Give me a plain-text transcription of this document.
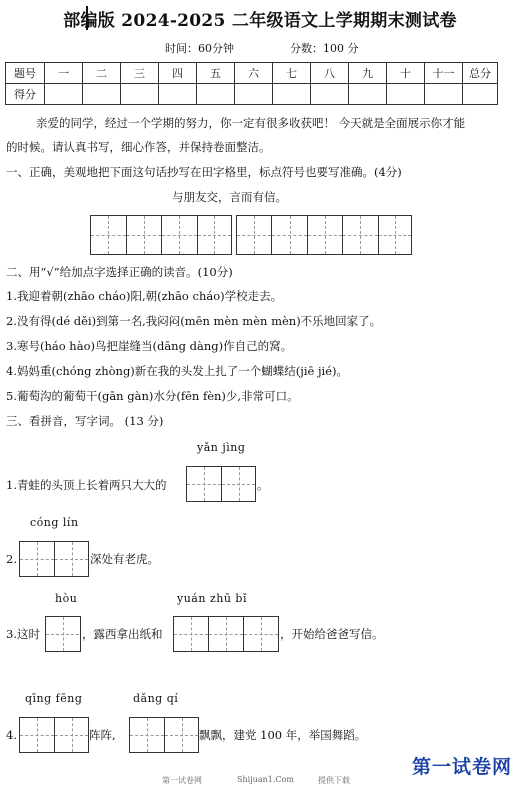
部编版 2024-2025 二年级语文上学期期末测试卷
时间：60分钟	分数：100 分
题号	一	二	三	四	五	六	七	八	九	十	十一	总分
得分												
亲爱的同学，经过一个学期的努力，你一定有很多收获吧！ 今天就是全面展示你才能
的时候。请认真书写，细心作答，并保持卷面整洁。
一、正确，美观地把下面这句话抄写在田字格里，标点符号也要写准确。(4分)
与朋友交，言而有信。
二、用“√”给加点字选择正确的读音。(10分)
1.我迎着朝(zhāo cháo)阳,朝(zhāo cháo)学校走去。
2.没有得(dé děi)到第一名,我闷闷(mēn mèn mèn mèn)不乐地回家了。
3.寒号(háo hào)鸟把崖缝当(dāng dàng)作自己的窝。
4.妈妈重(chóng zhòng)新在我的头发上扎了一个蝴蝶结(jiē jié)。
5.葡萄沟的葡萄干(gān gàn)水分(fēn fèn)少,非常可口。
三、看拼音，写字词。 (13 分)
yǎn jìng
1.青蛙的头顶上长着两只大大的	。
cóng lín
2.	深处有老虎。
hòu	yuán zhū bǐ
3.这时	，露西拿出纸和	，开始给爸爸写信。
qīng fēng	dǎng qí
4.	阵阵,	飘飘，建党 100 年，举国舞蹈。
第一试卷网	Shijuan1.Com	提供下载
第一试卷网
